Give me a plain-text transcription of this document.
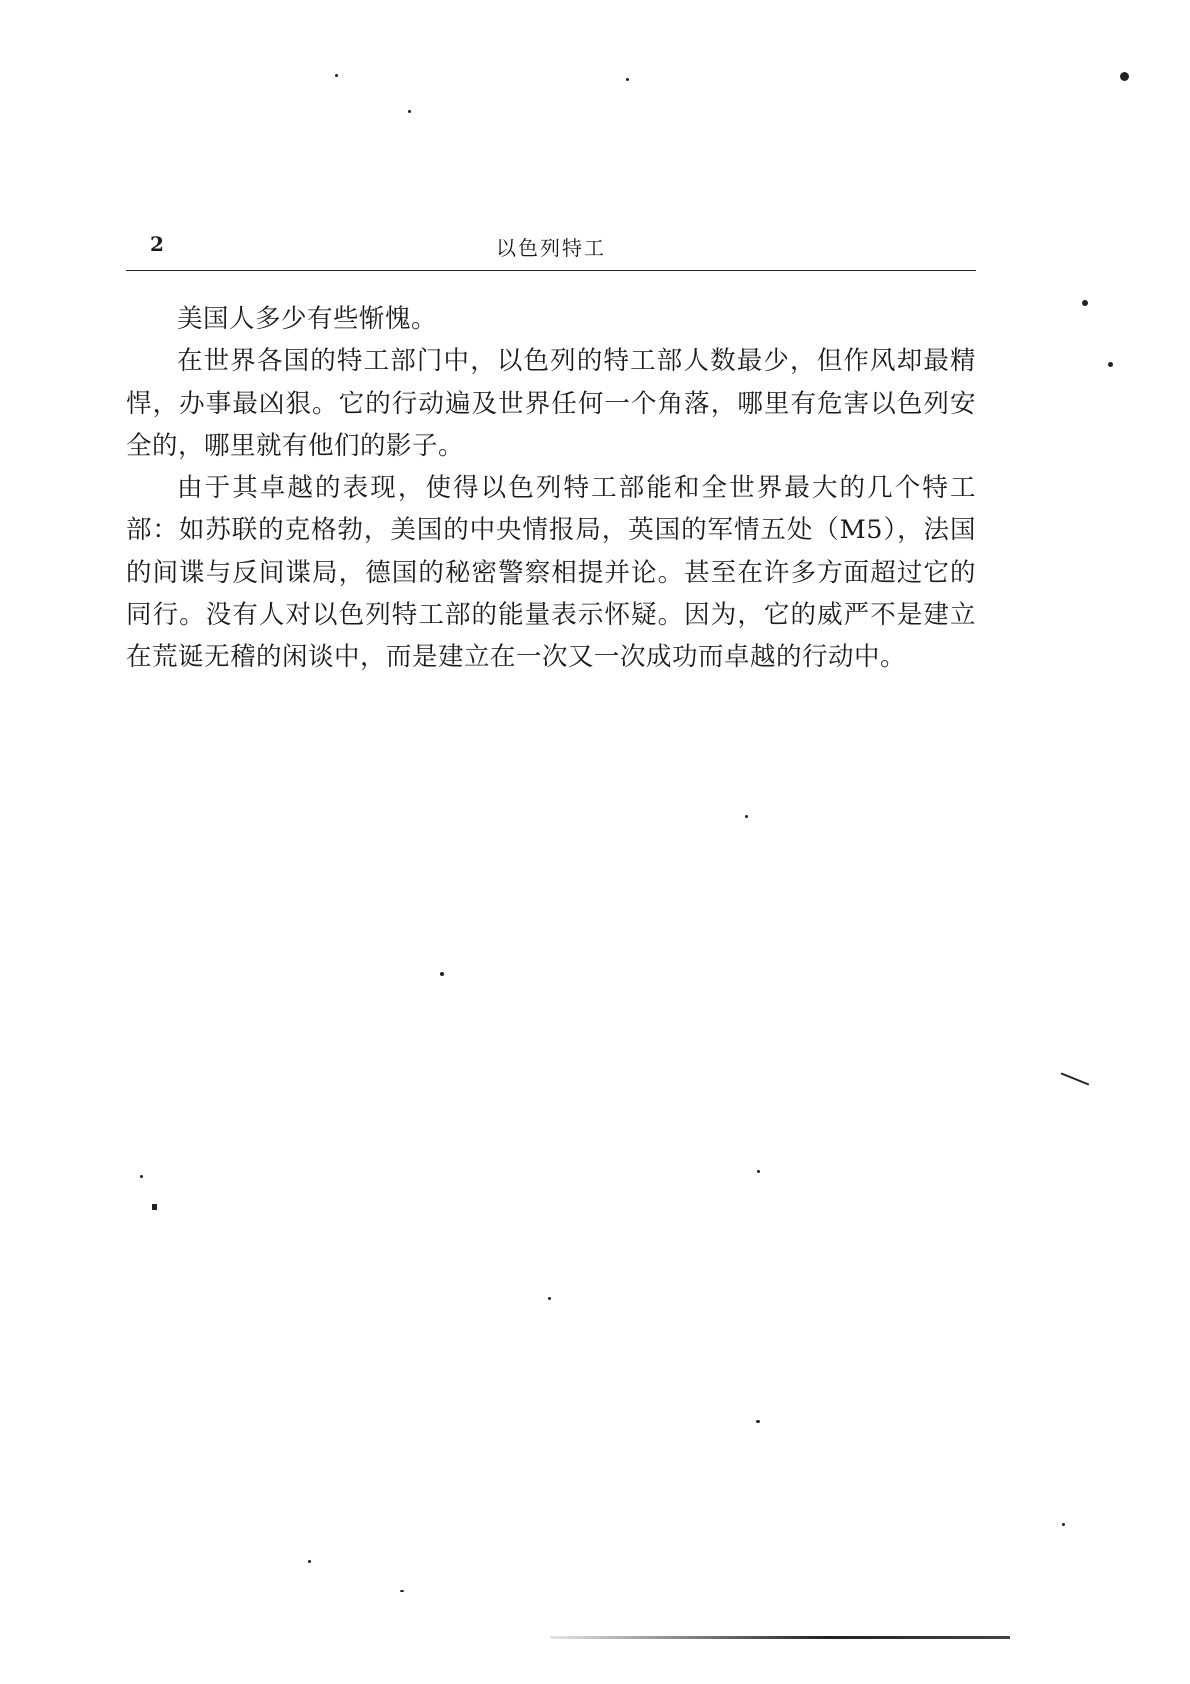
2	以色列特工

美国人多少有些惭愧。

在世界各国的特工部门中，以色列的特工部人数最少，但作风却最精悍，办事最凶狠。它的行动遍及世界任何一个角落，哪里有危害以色列安全的，哪里就有他们的影子。

由于其卓越的表现，使得以色列特工部能和全世界最大的几个特工部：如苏联的克格勃，美国的中央情报局，英国的军情五处（M5），法国的间谍与反间谍局，德国的秘密警察相提并论。甚至在许多方面超过它的同行。没有人对以色列特工部的能量表示怀疑。因为，它的威严不是建立在荒诞无稽的闲谈中，而是建立在一次又一次成功而卓越的行动中。
